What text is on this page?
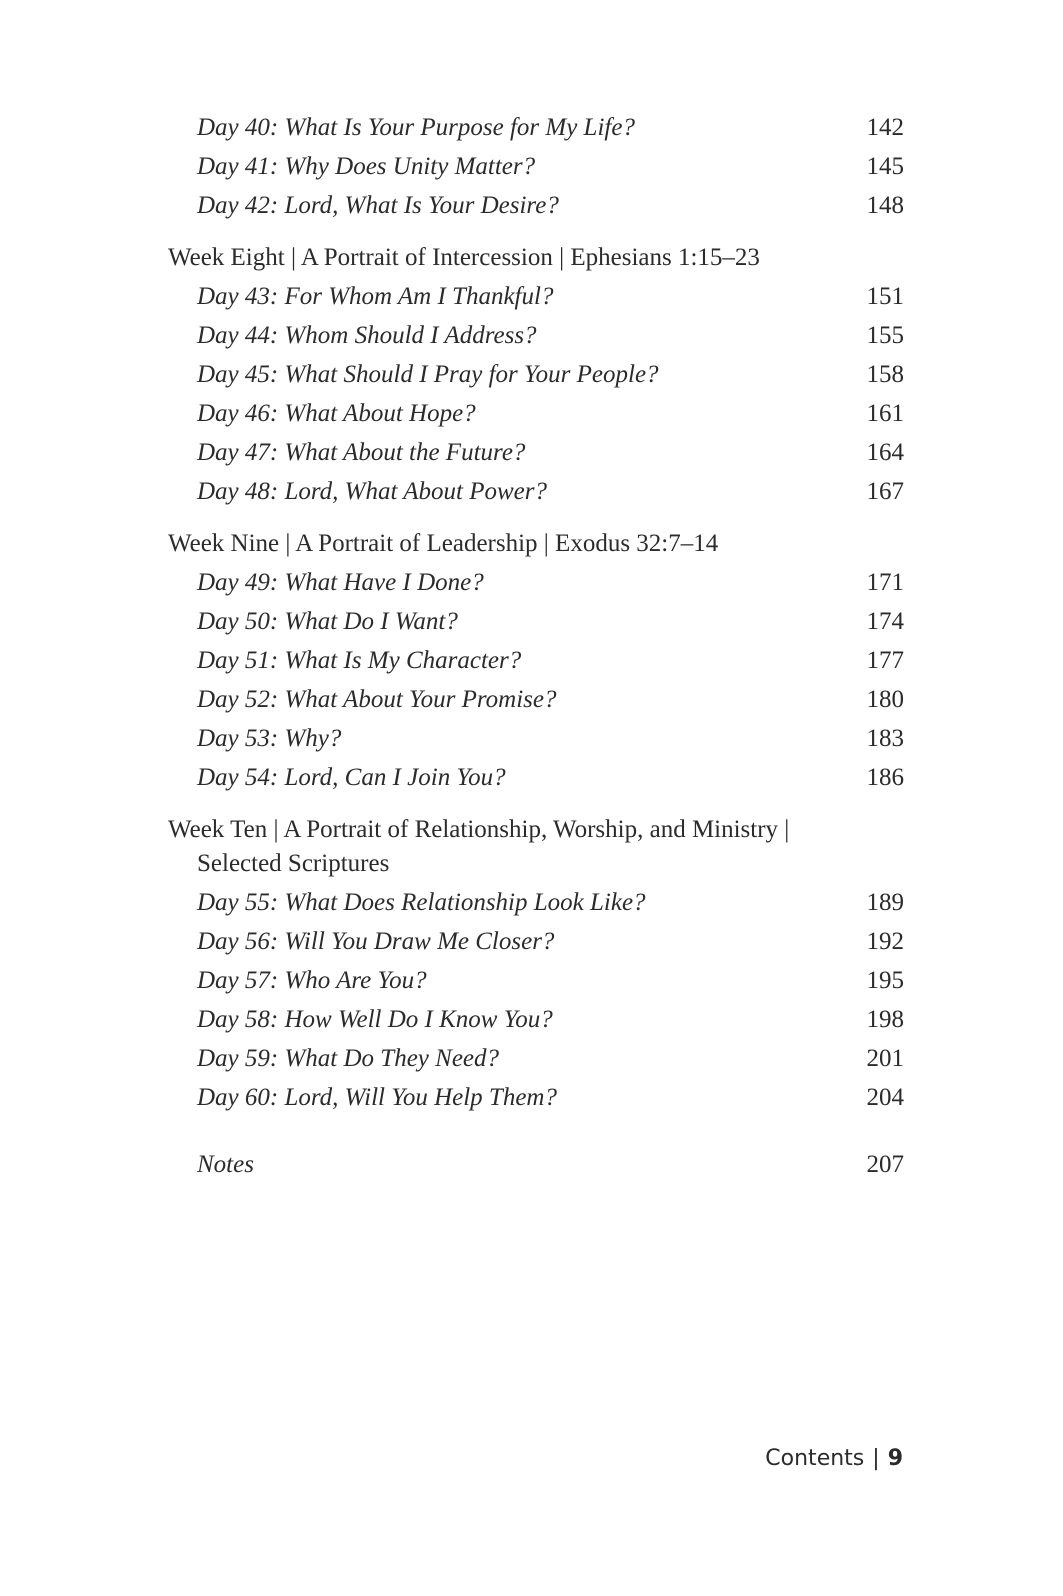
Day 40: What Is Your Purpose for My Life?	142
Day 41: Why Does Unity Matter?	145
Day 42: Lord, What Is Your Desire?	148
Week Eight | A Portrait of Intercession | Ephesians 1:15–23
Day 43: For Whom Am I Thankful?	151
Day 44: Whom Should I Address?	155
Day 45: What Should I Pray for Your People?	158
Day 46: What About Hope?	161
Day 47: What About the Future?	164
Day 48: Lord, What About Power?	167
Week Nine | A Portrait of Leadership | Exodus 32:7–14
Day 49: What Have I Done?	171
Day 50: What Do I Want?	174
Day 51: What Is My Character?	177
Day 52: What About Your Promise?	180
Day 53: Why?	183
Day 54: Lord, Can I Join You?	186
Week Ten | A Portrait of Relationship, Worship, and Ministry |
Selected Scriptures
Day 55: What Does Relationship Look Like?	189
Day 56: Will You Draw Me Closer?	192
Day 57: Who Are You?	195
Day 58: How Well Do I Know You?	198
Day 59: What Do They Need?	201
Day 60: Lord, Will You Help Them?	204
Notes	207
Contents | 9
